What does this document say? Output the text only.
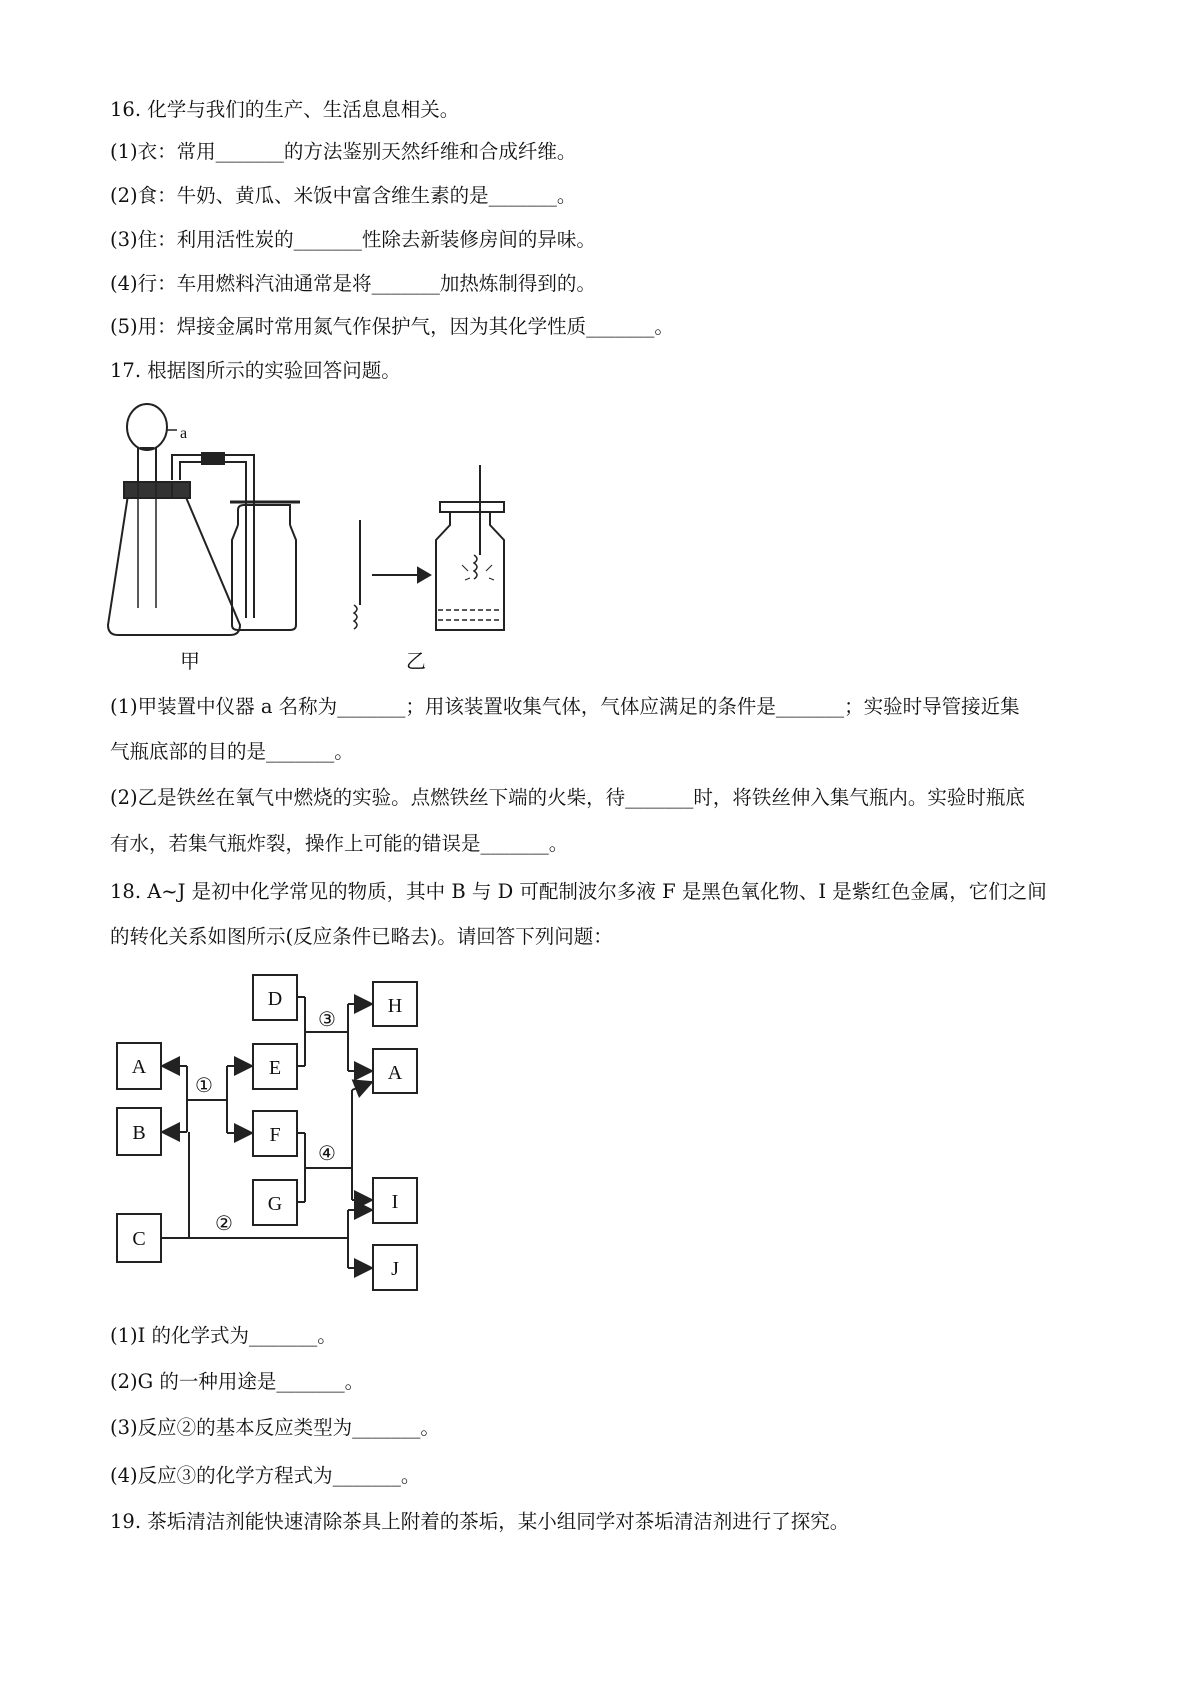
16. 化学与我们的生产、生活息息相关。
(1)衣：常用_______的方法鉴别天然纤维和合成纤维。
(2)食：牛奶、黄瓜、米饭中富含维生素的是_______。
(3)住：利用活性炭的_______性除去新装修房间的异味。
(4)行：车用燃料汽油通常是将_______加热炼制得到的。
(5)用：焊接金属时常用氮气作保护气，因为其化学性质_______。
17. 根据图所示的实验回答问题。
a
甲	乙
(1)甲装置中仪器 a 名称为_______；用该装置收集气体，气体应满足的条件是_______；实验时导管接近集
气瓶底部的目的是_______。
(2)乙是铁丝在氧气中燃烧的实验。点燃铁丝下端的火柴，待_______时，将铁丝伸入集气瓶内。实验时瓶底
有水，若集气瓶炸裂，操作上可能的错误是_______。
18. A~J 是初中化学常见的物质，其中 B 与 D 可配制波尔多液 F 是黑色氧化物、I 是紫红色金属，它们之间
的转化关系如图所示(反应条件已略去)。请回答下列问题：
D	H
A
E
A
B	F
G	I
C
J
①
③
④
②
(1)I 的化学式为_______。
(2)G 的一种用途是_______。
(3)反应②的基本反应类型为_______。
(4)反应③的化学方程式为_______。
19. 茶垢清洁剂能快速清除茶具上附着的茶垢，某小组同学对茶垢清洁剂进行了探究。
